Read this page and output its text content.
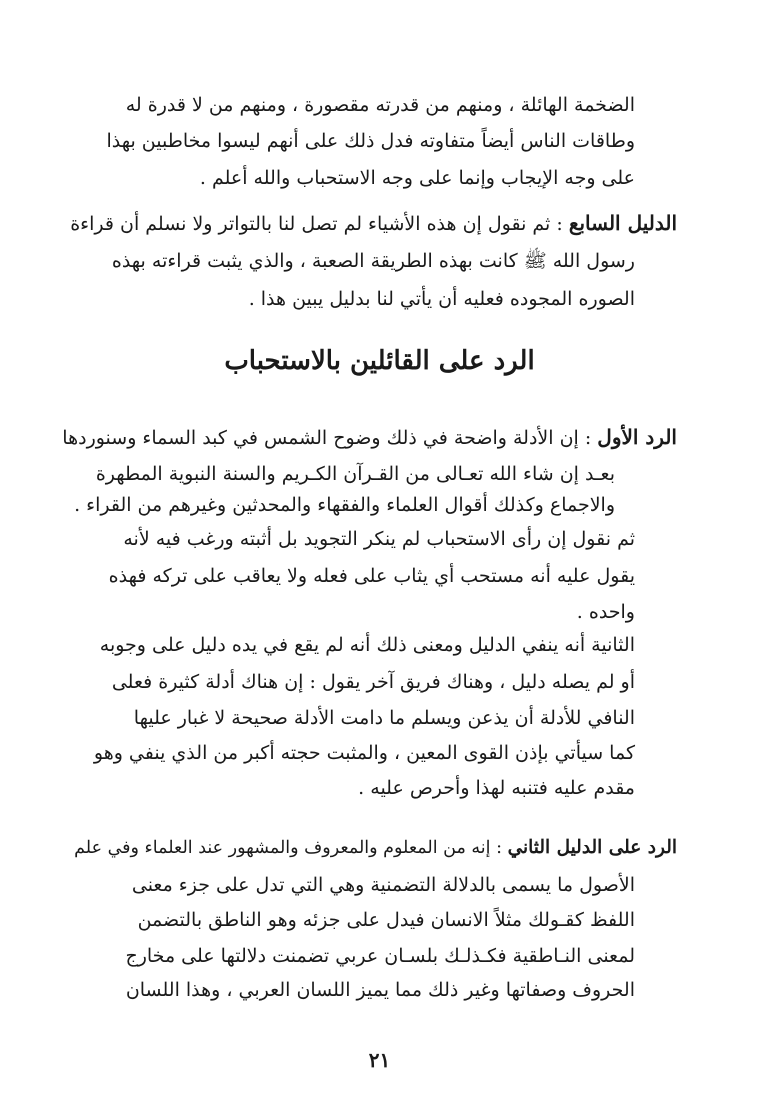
الضخمة الهائلة ، ومنهم من قدرته مقصورة ، ومنهم من لا قدرة له
وطاقات الناس أيضاً متفاوته فدل ذلك على أنهم ليسوا مخاطبين بهذا
على وجه الإيجاب وإنما على وجه الاستحباب والله أعلم .
الدليل السابع : ثم نقول إن هذه الأشياء لم تصل لنا بالتواتر ولا نسلم أن قراءة
رسول الله ﷺ كانت بهذه الطريقة الصعبة ، والذي يثبت قراءته بهذه
الصوره المجوده فعليه أن يأتي لنا بدليل يبين هذا .
الرد على القائلين بالاستحباب
الرد الأول : إن الأدلة واضحة في ذلك وضوح الشمس في كبد السماء وسنوردها
بعـد إن شاء الله تعـالى من القـرآن الكـريم والسنة النبوية المطهرة
والاجماع وكذلك أقوال العلماء والفقهاء والمحدثين وغيرهم من القراء .
ثم نقول إن رأى الاستحباب لم ينكر التجويد بل أثبته ورغب فيه لأنه
يقول عليه أنه مستحب أي يثاب على فعله ولا يعاقب على تركه فهذه
واحده .
الثانية أنه ينفي الدليل ومعنى ذلك أنه لم يقع في يده دليل على وجوبه
أو لم يصله دليل ، وهناك فريق آخر يقول : إن هناك أدلة كثيرة فعلى
النافي للأدلة أن يذعن ويسلم ما دامت الأدلة صحيحة لا غبار عليها
كما سيأتي بإذن القوى المعين ، والمثبت حجته أكبر من الذي ينفي وهو
مقدم عليه فتنبه لهذا وأحرص عليه .
الرد على الدليل الثاني : إنه من المعلوم والمعروف والمشهور عند العلماء وفي علم
الأصول ما يسمى بالدلالة التضمنية وهي التي تدل على جزء معنى
اللفظ كقـولك مثلاً الانسان فيدل على جزئه وهو الناطق بالتضمن
لمعنى النـاطقية فكـذلـك بلسـان عربي تضمنت دلالتها على مخارج
الحروف وصفاتها وغير ذلك مما يميز اللسان العربي ، وهذا اللسان
٢١
